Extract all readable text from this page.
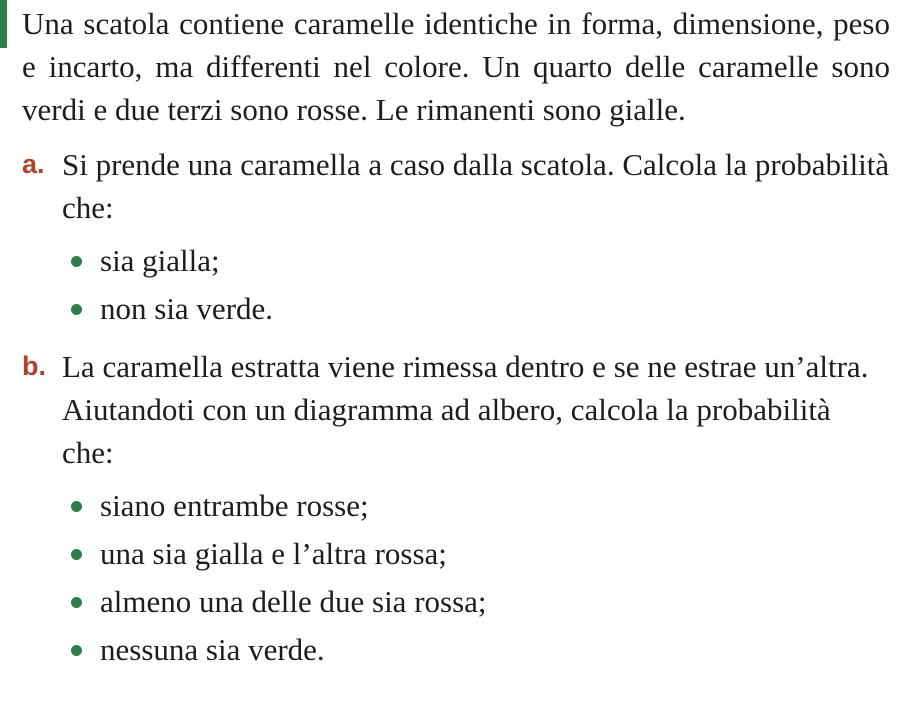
Una scatola contiene caramelle identiche in forma, dimensione, peso e incarto, ma differenti nel colore. Un quarto delle caramelle sono verdi e due terzi sono rosse. Le rimanenti sono gialle.

a. Si prende una caramella a caso dalla scatola. Calcola la probabilità che:
sia gialla;
non sia verde.
b. La caramella estratta viene rimessa dentro e se ne estrae un’altra. Aiutandoti con un diagramma ad albero, calcola la probabilità che:
siano entrambe rosse;
una sia gialla e l’altra rossa;
almeno una delle due sia rossa;
nessuna sia verde.
